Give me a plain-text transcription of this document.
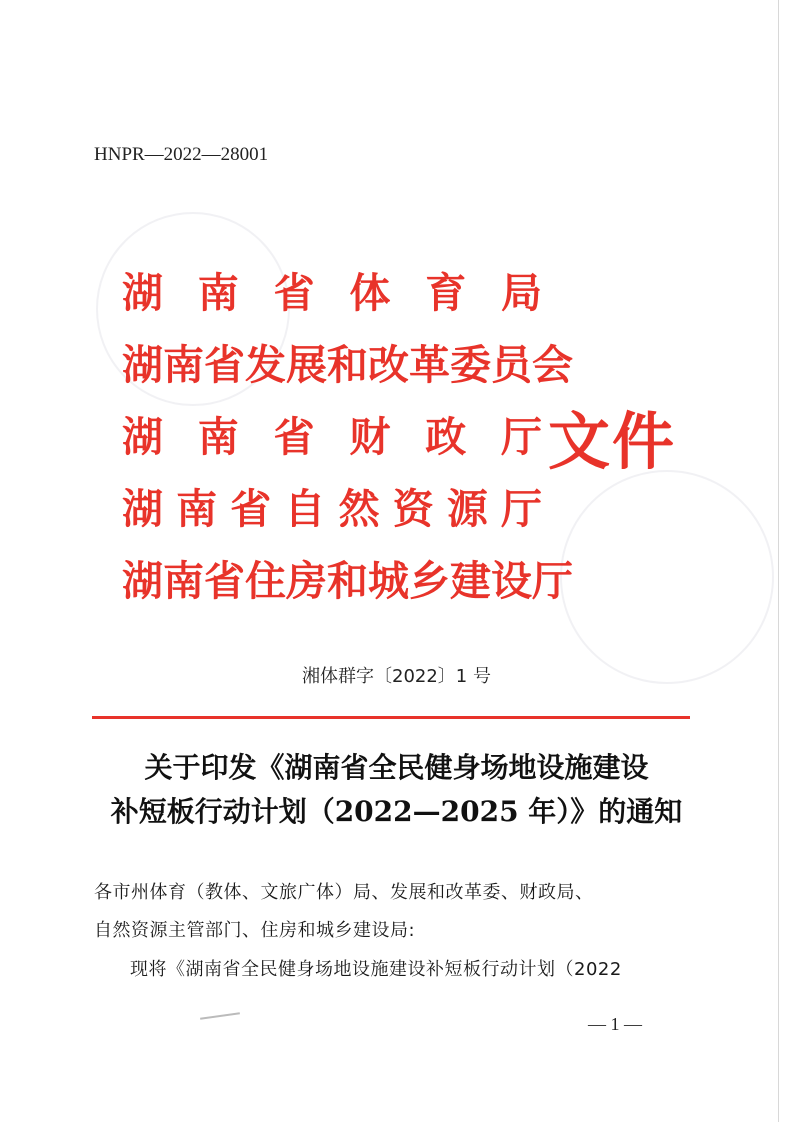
HNPR—2022—28001
湖 南 省 体 育 局
湖 南 省 发 展 和 改 革 委 员 会
湖 南 省 财 政 厅
湖 南 省 自 然 资 源 厅
湖 南 省 住 房 和 城 乡 建 设 厅
文件
湘体群字〔2022〕1 号
关于印发《湖南省全民健身场地设施建设
补短板行动计划（2022—2025 年）》的通知
各市州体育（教体、文旅广体）局、发展和改革委、财政局、
自然资源主管部门、住房和城乡建设局:
现将《湖南省全民健身场地设施建设补短板行动计划（2022
— 1 —
